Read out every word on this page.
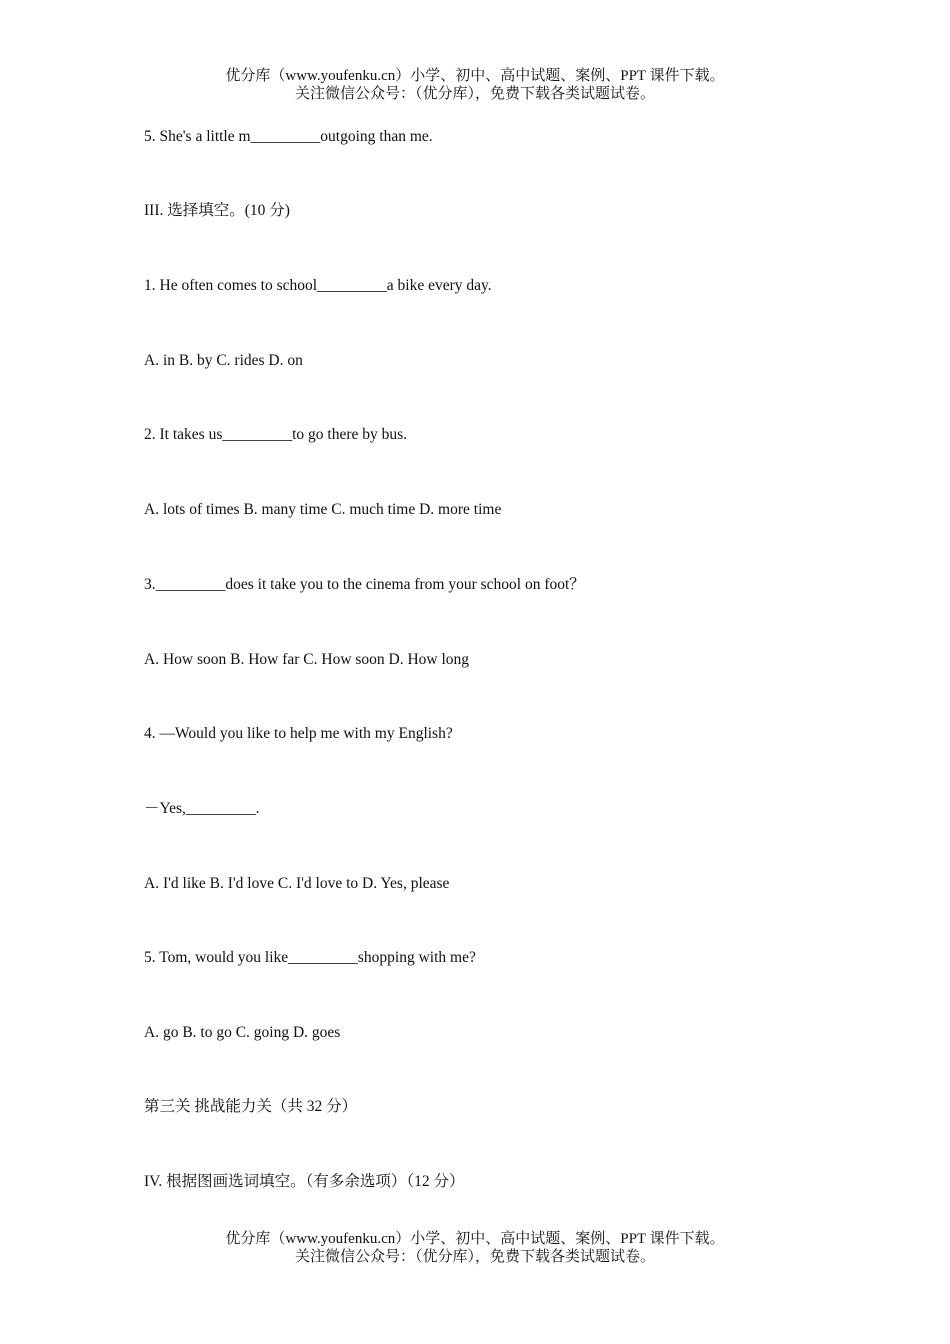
优分库（www.youfenku.cn）小学、初中、高中试题、案例、PPT 课件下载。
关注微信公众号：（优分库），免费下载各类试题试卷。
5. She's a little m_________outgoing than me.
III. 选择填空。(10 分)
1. He often comes to school_________a bike every day.
A. in B. by C. rides D. on
2. It takes us_________to go there by bus.
A. lots of times B. many time C. much time D. more time
3._________does it take you to the cinema from your school on foot？
A. How soon B. How far C. How soon D. How long
4. —Would you like to help me with my English?
－Yes,_________.
A. I'd like B. I'd love C. I'd love to D. Yes, please
5. Tom, would you like_________shopping with me?
A. go B. to go C. going D. goes
第三关 挑战能力关（共 32 分）
IV. 根据图画选词填空。（有多余选项）（12 分）
优分库（www.youfenku.cn）小学、初中、高中试题、案例、PPT 课件下载。
关注微信公众号：（优分库），免费下载各类试题试卷。
